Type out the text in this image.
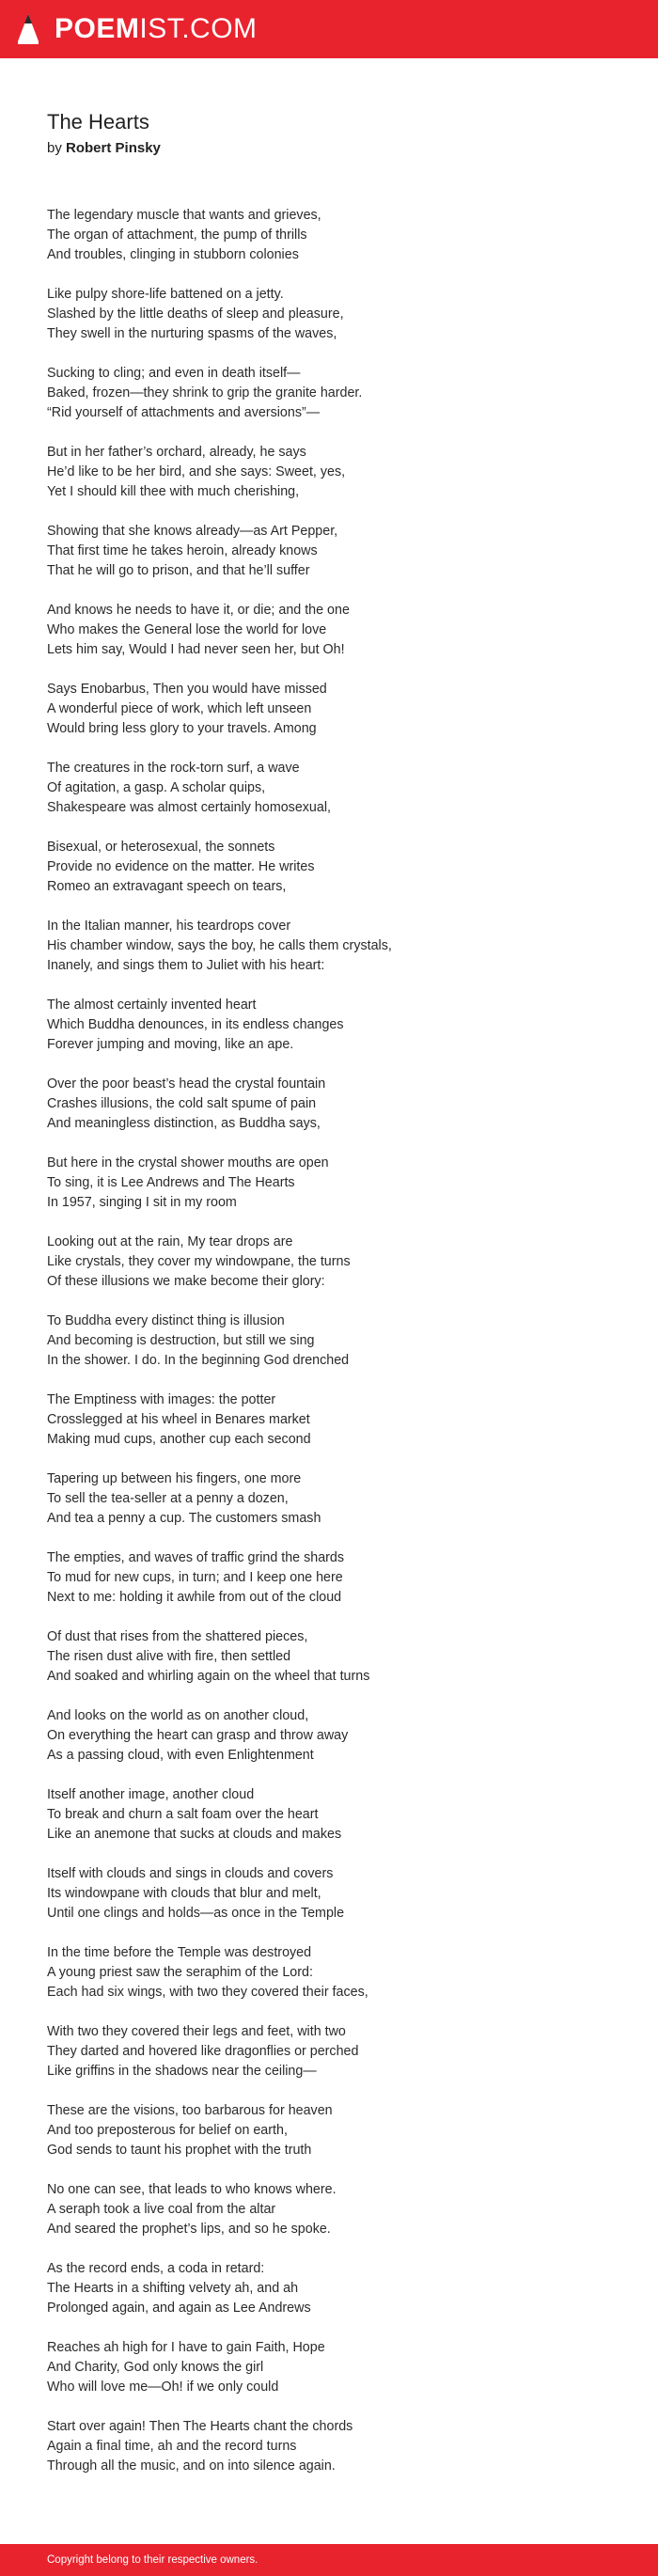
POEMIST.COM
The Hearts
by Robert Pinsky
The legendary muscle that wants and grieves,
The organ of attachment, the pump of thrills
And troubles, clinging in stubborn colonies
Like pulpy shore-life battened on a jetty.
Slashed by the little deaths of sleep and pleasure,
They swell in the nurturing spasms of the waves,
Sucking to cling; and even in death itself—
Baked, frozen—they shrink to grip the granite harder.
“Rid yourself of attachments and aversions”—
But in her father’s orchard, already, he says
He’d like to be her bird, and she says: Sweet, yes,
Yet I should kill thee with much cherishing,
Showing that she knows already—as Art Pepper,
That first time he takes heroin, already knows
That he will go to prison, and that he’ll suffer
And knows he needs to have it, or die; and the one
Who makes the General lose the world for love
Lets him say, Would I had never seen her, but Oh!
Says Enobarbus, Then you would have missed
A wonderful piece of work, which left unseen
Would bring less glory to your travels. Among
The creatures in the rock-torn surf, a wave
Of agitation, a gasp. A scholar quips,
Shakespeare was almost certainly homosexual,
Bisexual, or heterosexual, the sonnets
Provide no evidence on the matter. He writes
Romeo an extravagant speech on tears,
In the Italian manner, his teardrops cover
His chamber window, says the boy, he calls them crystals,
Inanely, and sings them to Juliet with his heart:
The almost certainly invented heart
Which Buddha denounces, in its endless changes
Forever jumping and moving, like an ape.
Over the poor beast’s head the crystal fountain
Crashes illusions, the cold salt spume of pain
And meaningless distinction, as Buddha says,
But here in the crystal shower mouths are open
To sing, it is Lee Andrews and The Hearts
In 1957, singing I sit in my room
Looking out at the rain, My tear drops are
Like crystals, they cover my windowpane, the turns
Of these illusions we make become their glory:
To Buddha every distinct thing is illusion
And becoming is destruction, but still we sing
In the shower. I do. In the beginning God drenched
The Emptiness with images: the potter
Crosslegged at his wheel in Benares market
Making mud cups, another cup each second
Tapering up between his fingers, one more
To sell the tea-seller at a penny a dozen,
And tea a penny a cup. The customers smash
The empties, and waves of traffic grind the shards
To mud for new cups, in turn; and I keep one here
Next to me: holding it awhile from out of the cloud
Of dust that rises from the shattered pieces,
The risen dust alive with fire, then settled
And soaked and whirling again on the wheel that turns
And looks on the world as on another cloud,
On everything the heart can grasp and throw away
As a passing cloud, with even Enlightenment
Itself another image, another cloud
To break and churn a salt foam over the heart
Like an anemone that sucks at clouds and makes
Itself with clouds and sings in clouds and covers
Its windowpane with clouds that blur and melt,
Until one clings and holds—as once in the Temple
In the time before the Temple was destroyed
A young priest saw the seraphim of the Lord:
Each had six wings, with two they covered their faces,
With two they covered their legs and feet, with two
They darted and hovered like dragonflies or perched
Like griffins in the shadows near the ceiling—
These are the visions, too barbarous for heaven
And too preposterous for belief on earth,
God sends to taunt his prophet with the truth
No one can see, that leads to who knows where.
A seraph took a live coal from the altar
And seared the prophet’s lips, and so he spoke.
As the record ends, a coda in retard:
The Hearts in a shifting velvety ah, and ah
Prolonged again, and again as Lee Andrews
Reaches ah high for I have to gain Faith, Hope
And Charity, God only knows the girl
Who will love me—Oh! if we only could
Start over again! Then The Hearts chant the chords
Again a final time, ah and the record turns
Through all the music, and on into silence again.
Copyright belong to their respective owners.
